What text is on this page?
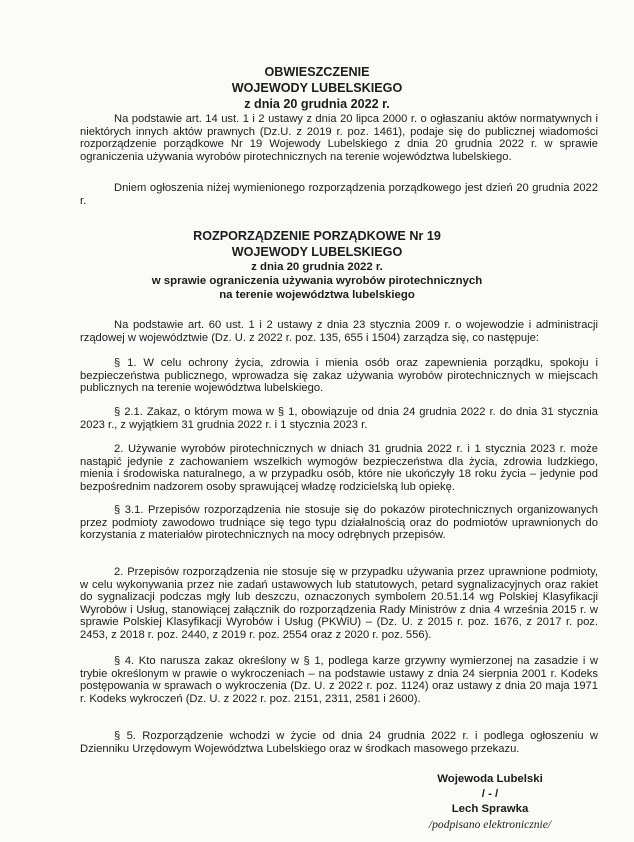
OBWIESZCZENIE
WOJEWODY LUBELSKIEGO
z dnia 20 grudnia 2022 r.

Na podstawie art. 14 ust. 1 i 2 ustawy z dnia 20 lipca 2000 r. o ogłaszaniu aktów normatywnych i niektórych innych aktów prawnych (Dz.U. z 2019 r. poz. 1461), podaje się do publicznej wiadomości rozporządzenie porządkowe Nr 19 Wojewody Lubelskiego z dnia 20 grudnia 2022 r. w sprawie ograniczenia używania wyrobów pirotechnicznych na terenie województwa lubelskiego.

Dniem ogłoszenia niżej wymienionego rozporządzenia porządkowego jest dzień 20 grudnia 2022 r.

ROZPORZĄDZENIE PORZĄDKOWE Nr 19
WOJEWODY LUBELSKIEGO
z dnia 20 grudnia 2022 r.
w sprawie ograniczenia używania wyrobów pirotechnicznych
na terenie województwa lubelskiego

Na podstawie art. 60 ust. 1 i 2 ustawy z dnia 23 stycznia 2009 r. o wojewodzie i administracji rządowej w województwie (Dz. U. z 2022 r. poz. 135, 655 i 1504) zarządza się, co następuje:

§ 1. W celu ochrony życia, zdrowia i mienia osób oraz zapewnienia porządku, spokoju i bezpieczeństwa publicznego, wprowadza się zakaz używania wyrobów pirotechnicznych w miejscach publicznych na terenie województwa lubelskiego.

§ 2.1. Zakaz, o którym mowa w § 1, obowiązuje od dnia 24 grudnia 2022 r. do dnia 31 stycznia 2023 r., z wyjątkiem 31 grudnia 2022 r. i 1 stycznia 2023 r.

2. Używanie wyrobów pirotechnicznych w dniach 31 grudnia 2022 r. i 1 stycznia 2023 r. może nastąpić jedynie z zachowaniem wszelkich wymogów bezpieczeństwa dla życia, zdrowia ludzkiego, mienia i środowiska naturalnego, a w przypadku osób, które nie ukończyły 18 roku życia – jedynie pod bezpośrednim nadzorem osoby sprawującej władzę rodzicielską lub opiekę.

§ 3.1. Przepisów rozporządzenia nie stosuje się do pokazów pirotechnicznych organizowanych przez podmioty zawodowo trudniące się tego typu działalnością oraz do podmiotów uprawnionych do korzystania z materiałów pirotechnicznych na mocy odrębnych przepisów.

2. Przepisów rozporządzenia nie stosuje się w przypadku używania przez uprawnione podmioty, w celu wykonywania przez nie zadań ustawowych lub statutowych, petard sygnalizacyjnych oraz rakiet do sygnalizacji podczas mgły lub deszczu, oznaczonych symbolem 20.51.14 wg Polskiej Klasyfikacji Wyrobów i Usług, stanowiącej załącznik do rozporządzenia Rady Ministrów z dnia 4 września 2015 r. w sprawie Polskiej Klasyfikacji Wyrobów i Usług (PKWiU) – (Dz. U. z 2015 r. poz. 1676, z 2017 r. poz. 2453, z 2018 r. poz. 2440, z 2019 r. poz. 2554 oraz z 2020 r. poz. 556).

§ 4. Kto narusza zakaz określony w § 1, podlega karze grzywny wymierzonej na zasadzie i w trybie określonym w prawie o wykroczeniach – na podstawie ustawy z dnia 24 sierpnia 2001 r. Kodeks postępowania w sprawach o wykroczenia (Dz. U. z 2022 r. poz. 1124) oraz ustawy z dnia 20 maja 1971 r. Kodeks wykroczeń (Dz. U. z 2022 r. poz. 2151, 2311, 2581 i 2600).

§ 5. Rozporządzenie wchodzi w życie od dnia 24 grudnia 2022 r. i podlega ogłoszeniu w Dzienniku Urzędowym Województwa Lubelskiego oraz w środkach masowego przekazu.

Wojewoda Lubelski
/ - /
Lech Sprawka
/podpisano elektronicznie/
